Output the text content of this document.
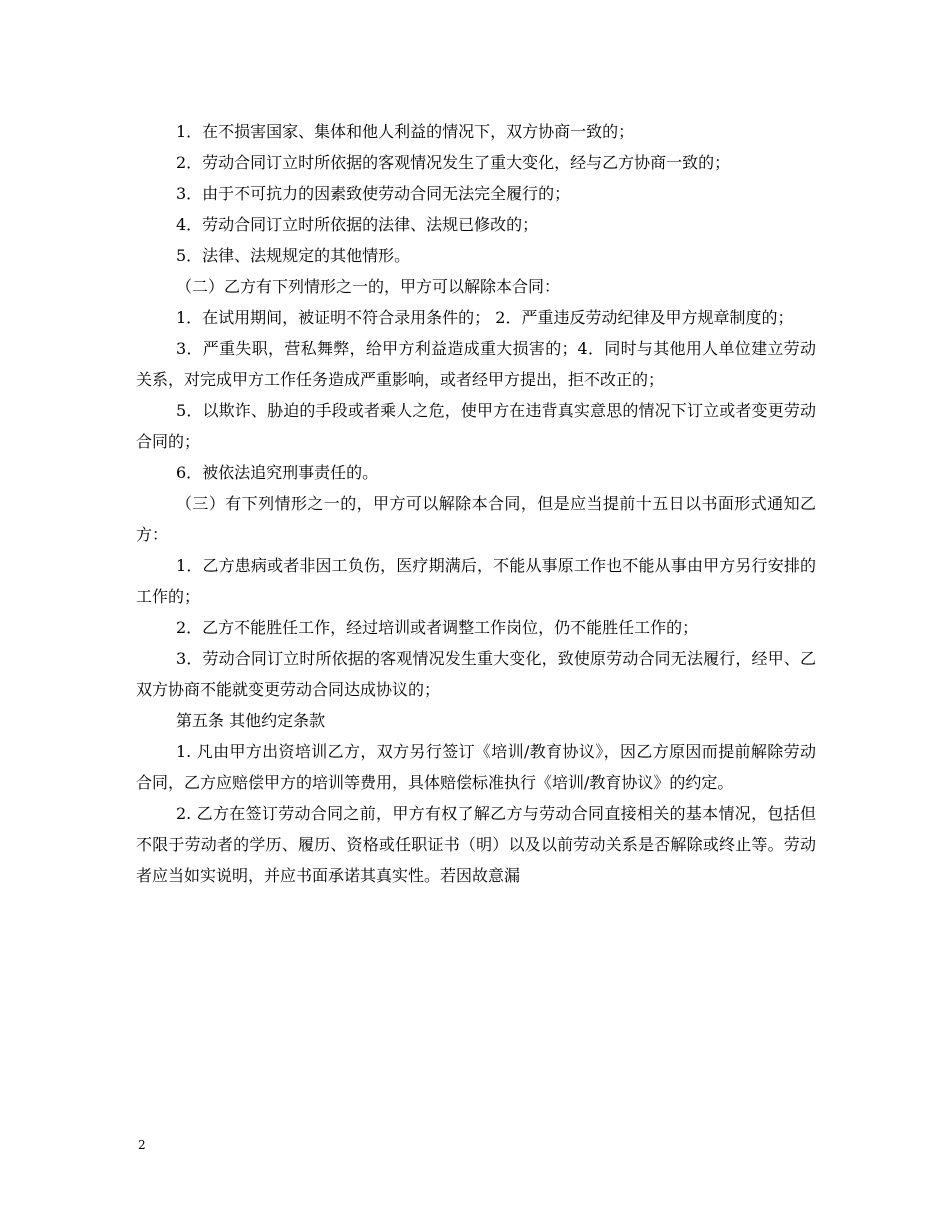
1．在不损害国家、集体和他人利益的情况下，双方协商一致的；

2．劳动合同订立时所依据的客观情况发生了重大变化，经与乙方协商一致的；

3．由于不可抗力的因素致使劳动合同无法完全履行的；

4．劳动合同订立时所依据的法律、法规已修改的；

5．法律、法规规定的其他情形。

（二）乙方有下列情形之一的，甲方可以解除本合同：

1．在试用期间，被证明不符合录用条件的； 2．严重违反劳动纪律及甲方规章制度的；

3．严重失职，营私舞弊，给甲方利益造成重大损害的；4．同时与其他用人单位建立劳动关系，对完成甲方工作任务造成严重影响，或者经甲方提出，拒不改正的；

5．以欺诈、胁迫的手段或者乘人之危，使甲方在违背真实意思的情况下订立或者变更劳动合同的；

6．被依法追究刑事责任的。

（三）有下列情形之一的，甲方可以解除本合同，但是应当提前十五日以书面形式通知乙方：

1．乙方患病或者非因工负伤，医疗期满后，不能从事原工作也不能从事由甲方另行安排的工作的；

2．乙方不能胜任工作，经过培训或者调整工作岗位，仍不能胜任工作的；

3．劳动合同订立时所依据的客观情况发生重大变化，致使原劳动合同无法履行，经甲、乙双方协商不能就变更劳动合同达成协议的；

第五条 其他约定条款

1. 凡由甲方出资培训乙方，双方另行签订《培训/教育协议》，因乙方原因而提前解除劳动合同，乙方应赔偿甲方的培训等费用，具体赔偿标准执行《培训/教育协议》的约定。

2. 乙方在签订劳动合同之前，甲方有权了解乙方与劳动合同直接相关的基本情况，包括但不限于劳动者的学历、履历、资格或任职证书（明）以及以前劳动关系是否解除或终止等。劳动者应当如实说明，并应书面承诺其真实性。若因故意漏

2
